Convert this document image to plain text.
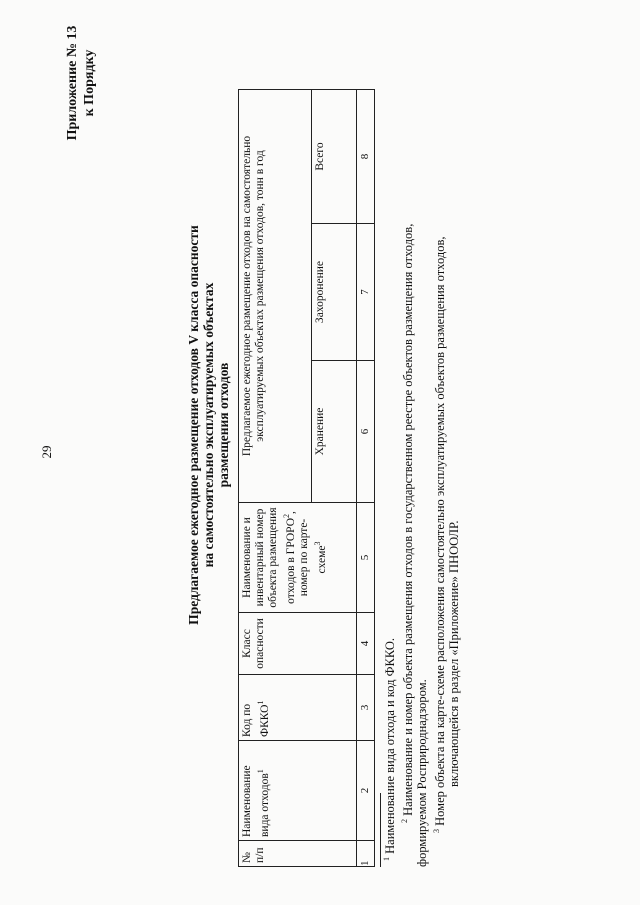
29
Приложение № 13 к Порядку
Предлагаемое ежегодное размещение отходов V класса опасности на самостоятельно эксплуатируемых объектах размещения отходов
№ п/п	Наименование вида отходов$^1$	Код по ФККО$^1$	Класс опасности	Наименование и инвентарный номер объекта размещения отходов в ГРОРО$^2$, номер по карте-схеме$^3$	Предлагаемое ежегодное размещение отходов на самостоятельно эксплуатируемых объектах размещения отходов, тонн в год		
					Хранение	Захоронение	Всего
1	2	3	4	5	6	7	8
$^1$ Наименование вида отхода и код ФККО. $^2$ Наименование и номер объекта размещения отходов в государственном реестре объектов размещения отходов, формируемом Росприроднадзором. $^3$ Номер объекта на карте-схеме расположения самостоятельно эксплуатируемых объектов размещения отходов, включающейся в раздел «Приложение» ПНООЛР.
